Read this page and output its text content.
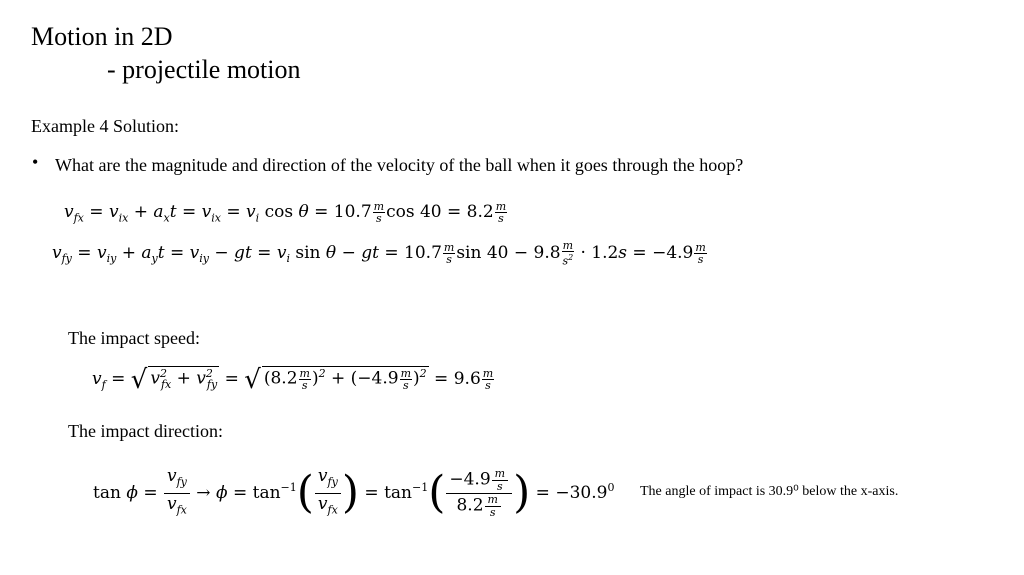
Motion in 2D
- projectile motion
Example 4 Solution:
• What are the magnitude and direction of the velocity of the ball when it goes through the hoop?
$v_{fx} = v_{ix} + a_xt = v_{ix} = v_i$ $\cos \theta = 10.7 \frac{m}{s}$ $\cos 40 = 8.2 \frac{m}{s}$
$v_{fy} = v_{iy} + a_yt = v_{iy}$ − gt = $v_i$ sin θ − gt = $10.7 \frac{m}{s}$ $\sin 40 - 9.8 \frac{m}{s^2} \cdot 1.2s = -4.9 \frac{m}{s}$
The impact speed:
$v_f$ = √ $v^2_{fx} + v^2_{fy}$ = √ $(8.2 \frac{m}{s} )^2 + (-4.9 \frac{m}{s} )^2 = 9.6 \frac{m}{s}$
The impact direction:
$\tan \phi = \frac{v_{fy}}{v_{fx}} \to \phi = \tan^{-1}( \frac{v_{fy}}{v_{fx}}$ ) = $\tan^{-1}( \frac{-4.9 \frac{m}{s}}{8.2 \frac{m}{s}}$ ) = $-30.9^0$ The angle of impact is 30.9⁰ below the x-axis.
